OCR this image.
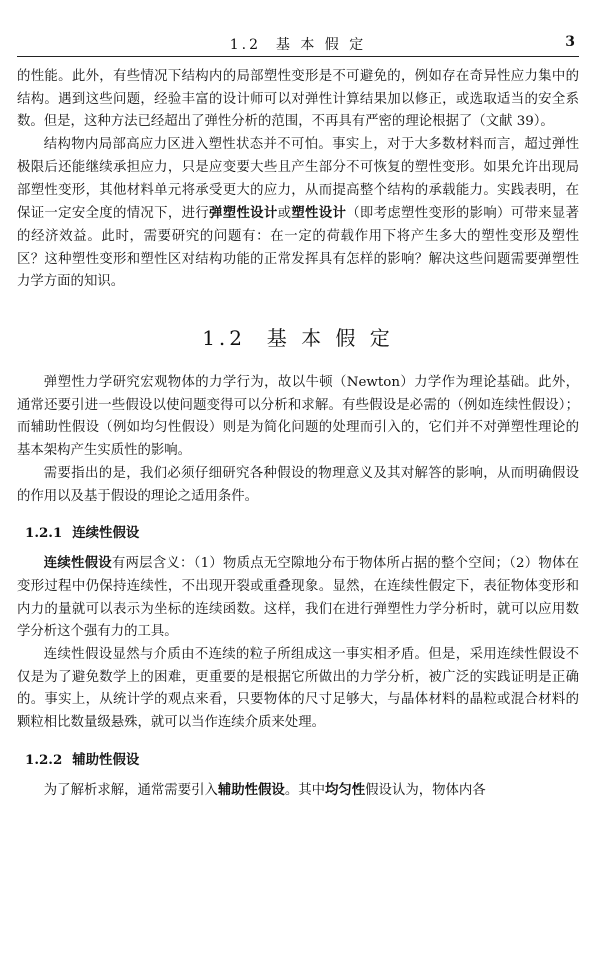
1.2 基 本 假 定	3

的性能。此外，有些情况下结构内的局部塑性变形是不可避免的，例如存在奇异性应力集中的结构。遇到这些问题，经验丰富的设计师可以对弹性计算结果加以修正，或选取适当的安全系数。但是，这种方法已经超出了弹性分析的范围，不再具有严密的理论根据了（文献 39）。

结构物内局部高应力区进入塑性状态并不可怕。事实上，对于大多数材料而言，超过弹性极限后还能继续承担应力，只是应变要大些且产生部分不可恢复的塑性变形。如果允许出现局部塑性变形，其他材料单元将承受更大的应力，从而提高整个结构的承载能力。实践表明，在保证一定安全度的情况下，进行弹塑性设计或塑性设计（即考虑塑性变形的影响）可带来显著的经济效益。此时，需要研究的问题有：在一定的荷载作用下将产生多大的塑性变形及塑性区？这种塑性变形和塑性区对结构功能的正常发挥具有怎样的影响？解决这些问题需要弹塑性力学方面的知识。

1.2 基 本 假 定

弹塑性力学研究宏观物体的力学行为，故以牛顿（Newton）力学作为理论基础。此外，通常还要引进一些假设以使问题变得可以分析和求解。有些假设是必需的（例如连续性假设）；而辅助性假设（例如均匀性假设）则是为简化问题的处理而引入的，它们并不对弹塑性理论的基本架构产生实质性的影响。

需要指出的是，我们必须仔细研究各种假设的物理意义及其对解答的影响，从而明确假设的作用以及基于假设的理论之适用条件。

1.2.1 连续性假设

连续性假设有两层含义：（1）物质点无空隙地分布于物体所占据的整个空间；（2）物体在变形过程中仍保持连续性，不出现开裂或重叠现象。显然，在连续性假定下，表征物体变形和内力的量就可以表示为坐标的连续函数。这样，我们在进行弹塑性力学分析时，就可以应用数学分析这个强有力的工具。

连续性假设显然与介质由不连续的粒子所组成这一事实相矛盾。但是，采用连续性假设不仅是为了避免数学上的困难，更重要的是根据它所做出的力学分析，被广泛的实践证明是正确的。事实上，从统计学的观点来看，只要物体的尺寸足够大，与晶体材料的晶粒或混合材料的颗粒相比数量级悬殊，就可以当作连续介质来处理。

1.2.2 辅助性假设

为了解析求解，通常需要引入辅助性假设。其中均匀性假设认为，物体内各
